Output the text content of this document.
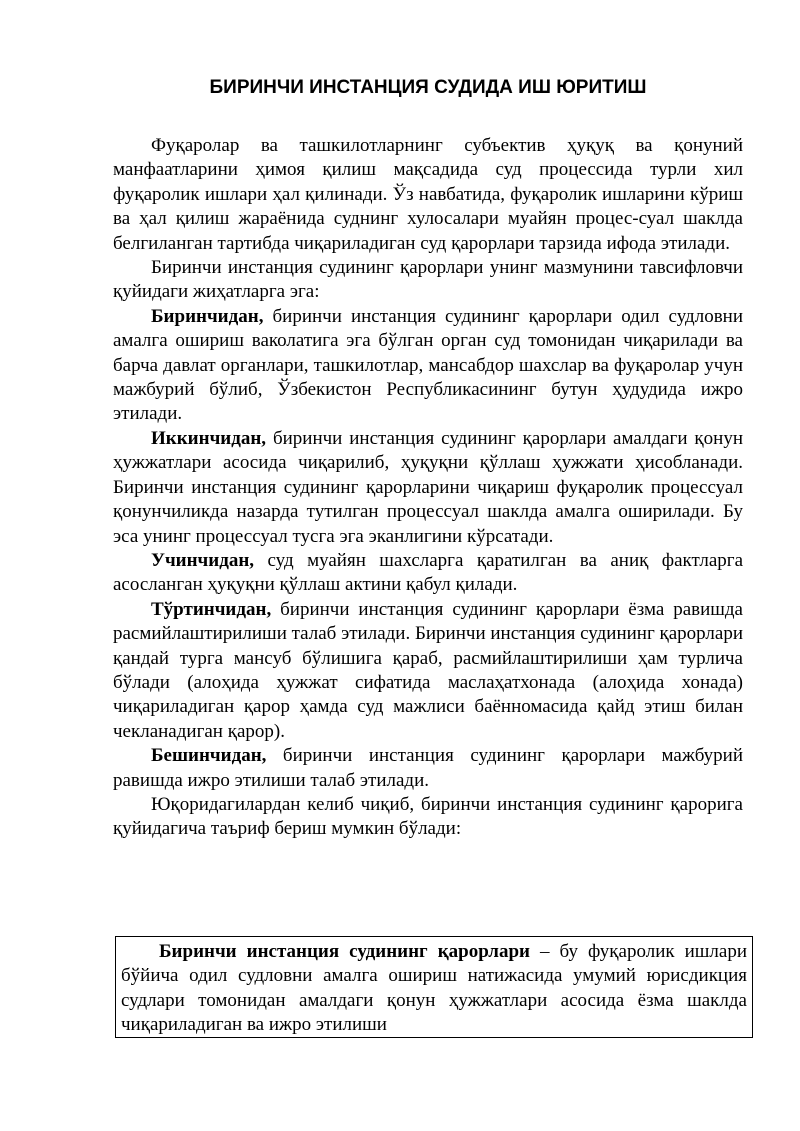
БИРИНЧИ ИНСТАНЦИЯ СУДИДА ИШ ЮРИТИШ

Фуқаролар ва ташкилотларнинг субъектив ҳуқуқ ва қонуний манфаатларини ҳимоя қилиш мақсадида суд процессида турли хил фуқаролик ишлари ҳал қилинади. Ўз навбатида, фуқаролик ишларини кўриш ва ҳал қилиш жараёнида суднинг хулосалари муайян процес-суал шаклда белгиланган тартибда чиқариладиган суд қарорлари тарзида ифода этилади.

Биринчи инстанция судининг қарорлари унинг мазмунини тавсифловчи қуйидаги жиҳатларга эга:

Биринчидан, биринчи инстанция судининг қарорлари одил судловни амалга ошириш ваколатига эга бўлган орган суд томонидан чиқарилади ва барча давлат органлари, ташкилотлар, мансабдор шахслар ва фуқаролар учун мажбурий бўлиб, Ўзбекистон Республикасининг бутун ҳудудида ижро этилади.

Иккинчидан, биринчи инстанция судининг қарорлари амалдаги қонун ҳужжатлари асосида чиқарилиб, ҳуқуқни қўллаш ҳужжати ҳисобланади. Биринчи инстанция судининг қарорларини чиқариш фуқаролик процессуал қонунчиликда назарда тутилган процессуал шаклда амалга оширилади. Бу эса унинг процессуал тусга эга эканлигини кўрсатади.

Учинчидан, суд муайян шахсларга қаратилган ва аниқ фактларга асосланган ҳуқуқни қўллаш актини қабул қилади.

Тўртинчидан, биринчи инстанция судининг қарорлари ёзма равишда расмийлаштирилиши талаб этилади. Биринчи инстанция судининг қарорлари қандай турга мансуб бўлишига қараб, расмийлаштирилиши ҳам турлича бўлади (алоҳида ҳужжат сифатида маслаҳатхонада (алоҳида хонада) чиқариладиган қарор ҳамда суд мажлиси баённомасида қайд этиш билан чекланадиган қарор).

Бешинчидан, биринчи инстанция судининг қарорлари мажбурий равишда ижро этилиши талаб этилади.

Юқоридагилардан келиб чиқиб, биринчи инстанция судининг қарорига қуйидагича таъриф бериш мумкин бўлади:

Биринчи инстанция судининг қарорлари – бу фуқаролик ишлари бўйича одил судловни амалга ошириш натижасида умумий юрисдикция судлари томонидан амалдаги қонун ҳужжатлари асосида ёзма шаклда чиқариладиган ва ижро этилиши
